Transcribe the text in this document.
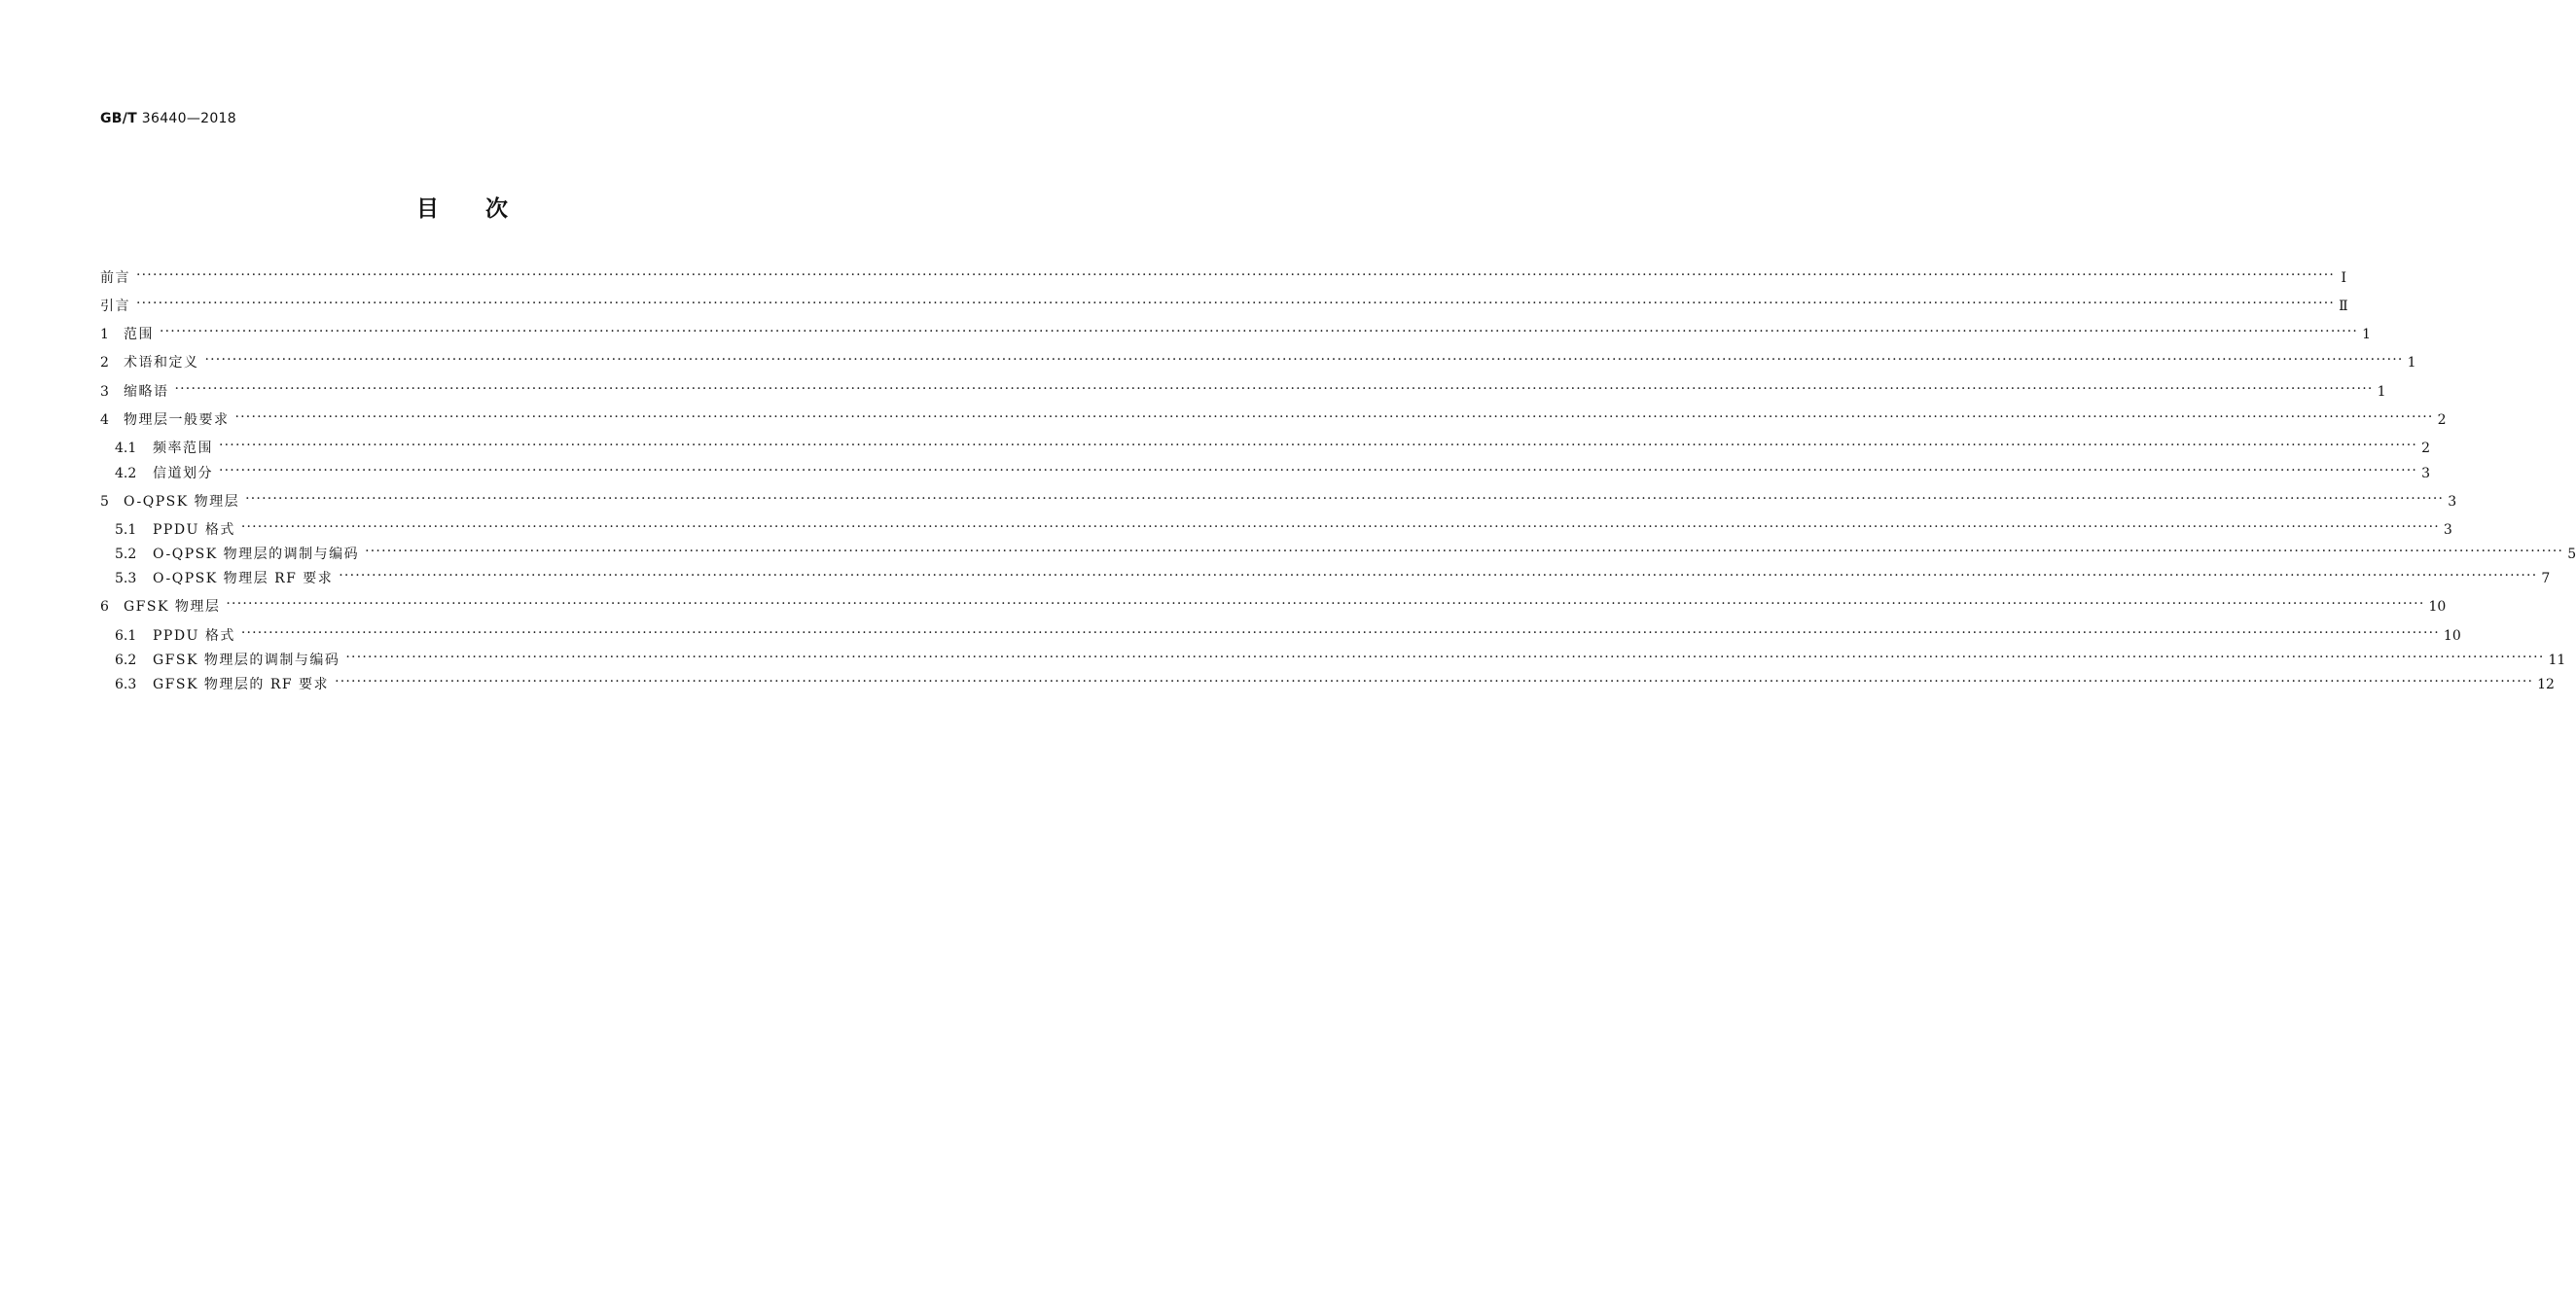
GB/T 36440—2018
目次
前言 ················································································································································································································································································································································································································ Ⅰ
引言 ················································································································································································································································································································································································································ Ⅱ
1	范围 ················································································································································································································································································································································································································ 1
2	术语和定义 ················································································································································································································································································································································································································ 1
3	缩略语 ················································································································································································································································································································································································································ 1
4	物理层一般要求 ················································································································································································································································································································································································································ 2
4.1	频率范围 ················································································································································································································································································································································································································ 2
4.2	信道划分 ················································································································································································································································································································································································································ 3
5	O-QPSK 物理层 ················································································································································································································································································································································································································ 3
5.1	PPDU 格式 ················································································································································································································································································································································································································ 3
5.2	O-QPSK 物理层的调制与编码 ················································································································································································································································································································································································································ 5
5.3	O-QPSK 物理层 RF 要求 ················································································································································································································································································································································································································ 7
6	GFSK 物理层 ················································································································································································································································································································································································································ 10
6.1	PPDU 格式 ················································································································································································································································································································································································································ 10
6.2	GFSK 物理层的调制与编码 ················································································································································································································································································································································································································ 11
6.3	GFSK 物理层的 RF 要求 ················································································································································································································································································································································································································ 12
